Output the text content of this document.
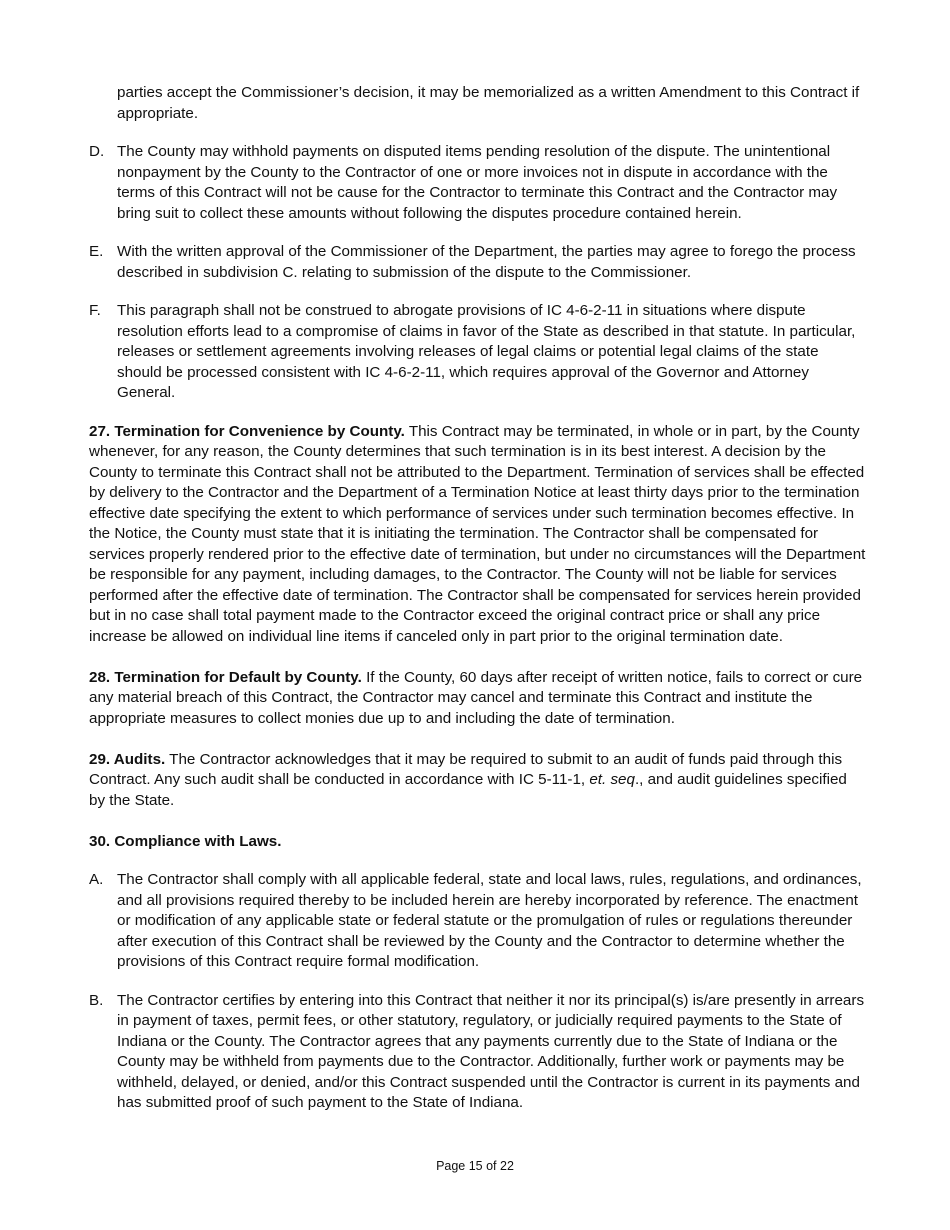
parties accept the Commissioner’s decision, it may be memorialized as a written Amendment to this Contract if appropriate.

D. The County may withhold payments on disputed items pending resolution of the dispute. The unintentional nonpayment by the County to the Contractor of one or more invoices not in dispute in accordance with the terms of this Contract will not be cause for the Contractor to terminate this Contract and the Contractor may bring suit to collect these amounts without following the disputes procedure contained herein.
E. With the written approval of the Commissioner of the Department, the parties may agree to forego the process described in subdivision C. relating to submission of the dispute to the Commissioner.
F. This paragraph shall not be construed to abrogate provisions of IC 4-6-2-11 in situations where dispute resolution efforts lead to a compromise of claims in favor of the State as described in that statute. In particular, releases or settlement agreements involving releases of legal claims or potential legal claims of the state should be processed consistent with IC 4-6-2-11, which requires approval of the Governor and Attorney General.

27. Termination for Convenience by County. This Contract may be terminated, in whole or in part, by the County whenever, for any reason, the County determines that such termination is in its best interest. A decision by the County to terminate this Contract shall not be attributed to the Department. Termination of services shall be effected by delivery to the Contractor and the Department of a Termination Notice at least thirty days prior to the termination effective date specifying the extent to which performance of services under such termination becomes effective. In the Notice, the County must state that it is initiating the termination. The Contractor shall be compensated for services properly rendered prior to the effective date of termination, but under no circumstances will the Department be responsible for any payment, including damages, to the Contractor. The County will not be liable for services performed after the effective date of termination. The Contractor shall be compensated for services herein provided but in no case shall total payment made to the Contractor exceed the original contract price or shall any price increase be allowed on individual line items if canceled only in part prior to the original termination date.

28. Termination for Default by County. If the County, 60 days after receipt of written notice, fails to correct or cure any material breach of this Contract, the Contractor may cancel and terminate this Contract and institute the appropriate measures to collect monies due up to and including the date of termination.

29. Audits. The Contractor acknowledges that it may be required to submit to an audit of funds paid through this Contract. Any such audit shall be conducted in accordance with IC 5-11-1, et. seq., and audit guidelines specified by the State.

30. Compliance with Laws.

A. The Contractor shall comply with all applicable federal, state and local laws, rules, regulations, and ordinances, and all provisions required thereby to be included herein are hereby incorporated by reference. The enactment or modification of any applicable state or federal statute or the promulgation of rules or regulations thereunder after execution of this Contract shall be reviewed by the County and the Contractor to determine whether the provisions of this Contract require formal modification.
B. The Contractor certifies by entering into this Contract that neither it nor its principal(s) is/are presently in arrears in payment of taxes, permit fees, or other statutory, regulatory, or judicially required payments to the State of Indiana or the County. The Contractor agrees that any payments currently due to the State of Indiana or the County may be withheld from payments due to the Contractor. Additionally, further work or payments may be withheld, delayed, or denied, and/or this Contract suspended until the Contractor is current in its payments and has submitted proof of such payment to the State of Indiana.
Page 15 of 22
